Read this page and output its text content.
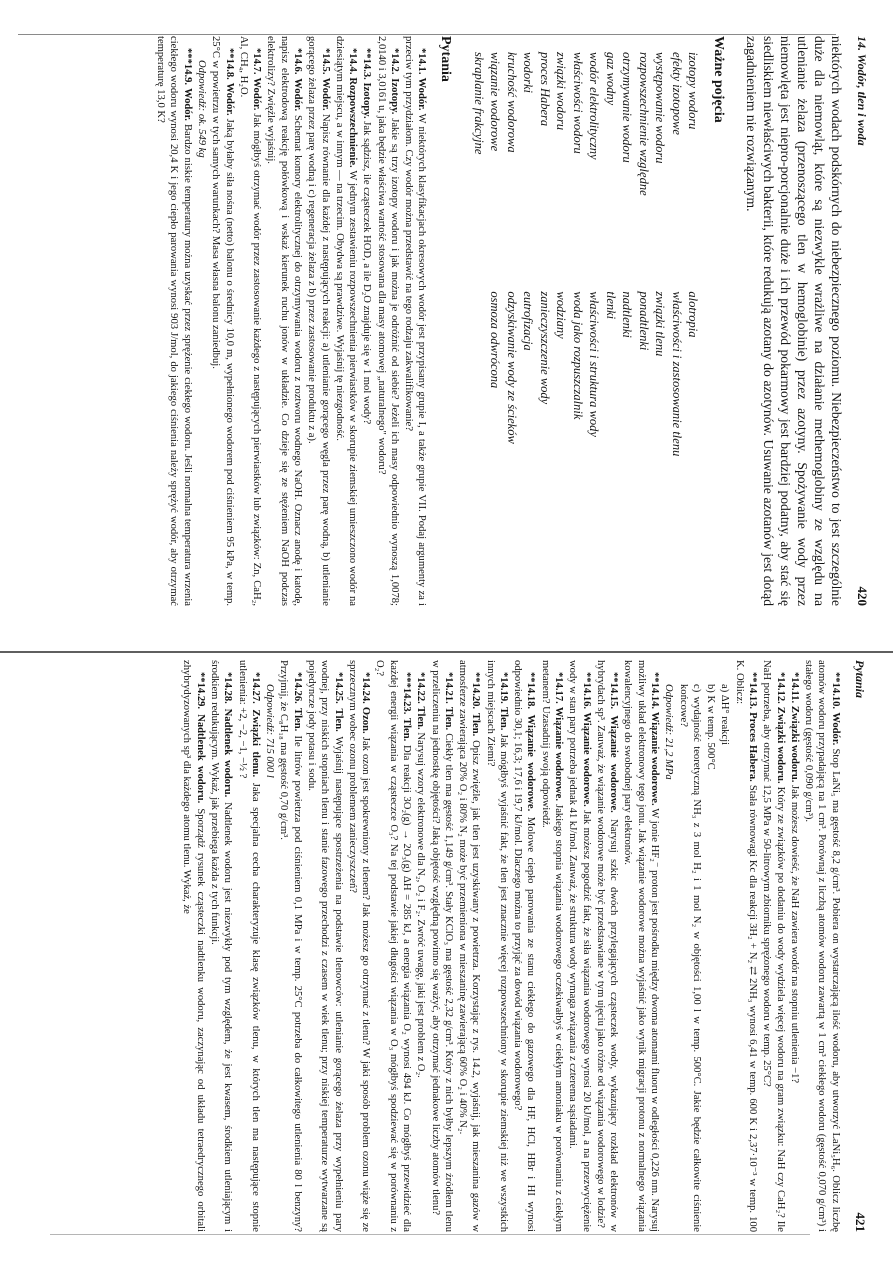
14. Wodór, tlen i woda
420

niektórych wodach podskórnych do niebezpiecznego poziomu. Niebezpieczeństwo to jest szczególnie duże dla niemowląt, które są niezwykle wrażliwe na działanie methemoglobiny ze względu na utlenianie żelaza (przenoszącego tlen w hemoglobinie) przez azotyny. Spożywanie wody przez niemowlęta jest niepro-porcjonalnie duże i ich przewód pokarmowy jest bardziej podatny, aby stać się siedliskiem niewłaściwych bakterii, które redukują azotany do azotynów. Usuwanie azotanów jest dotąd zagadnieniem nie rozwiązanym.

Ważne pojęcia
izotopy wodoru
efekty izotopowe
występowanie wodoru
rozpowszechnienie względne
otrzymywanie wodoru
gaz wodny
wodór elektrolityczny
właściwości wodoru
związki wodoru
proces Habera
wodorki
kruchość wodorowa
wiązanie wodorowe
skraplanie frakcyjne
alotropia
właściwości i zastosowanie tlenu
związki tlenu
ponadtlenki
nadtlenki
tlenki
właściwości i struktura wody
woda jako rozpuszczalnik
wodziany
zanieczyszczenie wody
eutrofizacja
odzyskiwanie wody ze ścieków
osmoza odwrócona
Pytania

*14.1. Wodór. W niektórych klasyfikacjach okresowych wodór jest przypisany grupie I, a także grupie VII. Podaj argumenty za i przeciw tym przydziałom. Czy wodór można przedstawić na tego rodzaju zakwalifikowanie?

*14.2. Izotopy. Jakie są trzy izotopy wodoru i jak można je odróżnić od siebie? Jeżeli ich masy odpowiednio wynoszą 1,0078; 2,0140 i 3,0161 u, jaka będzie właściwa wartość stosowana dla masy atomowej „naturalnego" wodoru?

**14.3. Izotopy. Jak sądzisz, ile cząsteczek HOD, a ile D₂O znajduje się w 1 mol wody?

*14.4. Rozpowszechnienie. W jednym zestawieniu rozpowszechnienia pierwiastków w skorupie ziemskiej umieszczono wodór na dziesiątym miejscu, a w innym — na trzecim. Obydwa są prawdziwe. Wyjaśnij tę niezgodność.

*14.5. Wodór. Napisz równanie dla każdej z następujących reakcji: a) utlenianie gorącego węgla przez parę wodną, b) utlenianie gorącego żelaza przez parę wodną i c) regeneracja żelaza z b) przez zastosowanie produktu z a).

*14.6. Wodór. Schemat komory elektrolitycznej do otrzymywania wodoru z roztworu wodnego NaOH. Oznacz anodę i katodę, napisz elektrodową reakcję połówkową i wskaż kierunek ruchu jonów w układzie. Co dzieje się ze stężeniem NaOH podczas elektrolizy? Zwięźle wyjaśnij.

*14.7. Wodór. Jak mógłbyś otrzymać wodór przez zastosowanie każdego z następujących pierwiastków lub związków: Zn, CaH₂, Al, CH₄, H₂O.

**14.8. Wodór. Jaką byłaby siła nośna (netto) balonu o średnicy 10,0 m, wypełnionego wodorem pod ciśnieniem 95 kPa, w temp. 25°C w powietrzu w tych samych warunkach? Masa własna balonu zaniedbuj.

Odpowiedź: ok. 549 kg

***14.9. Wodór. Bardzo niskie temperatury można uzyskać przez sprężenie ciekłego wodoru. Jeśli normalna temperatura wrzenia ciekłego wodoru wynosi 20,4 K i jego ciepło parowania wynosi 903 J/mol, do jakiego ciśnienia należy sprężyć wodór, aby otrzymać temperaturę 13,0 K?

Pytania
421

**14.10. Wodór. Stop LaNi₅ ma gęstość 8,2 g/cm³. Pobiera on wystarczającą ilość wodoru, aby utworzyć LaNi₅H₆. Oblicz liczbę atomów wodoru przypadającą na 1 cm³. Porównaj z liczbą atomów wodoru zawartą w 1 cm³ ciekłego wodoru (gęstość 0,070 g/cm³) i stałego wodoru (gęstość 0,090 g/cm³).

*14.11. Związki wodoru. Jak możesz dowieść, że NaH zawiera wodór na stopniu utlenienia −1?

*14.12. Związki wodoru. Który ze związków po dodaniu do wody wydziela więcej wodoru na gram związku: NaH czy CaH₂? Ile NaH potrzeba, aby otrzymać 12,5 MPa w 50-litrowym zbiorniku sprężonego wodoru w temp. 25°C?

**14.13. Proces Habera. Stała równowagi Kc dla reakcji 3H₂ + N₂ ⇄ 2NH₃ wynosi 6,41 w temp. 600 K i 2,37·10⁻³ w temp. 100 K. Oblicz:

a) ΔH° reakcji

b) K w temp. 500°C

c) wydajność teoretyczną NH₃ z 3 mol H₂ i 1 mol N₂ w objętości 1,00 l w temp. 500°C. Jakie będzie całkowite ciśnienie końcowe?

Odpowiedź: 21,2 MPa

**14.14. Wiązanie wodorowe. W jonie HF₂⁻ proton jest pośrodku między dwoma atomami fluoru w odległości 0,226 nm. Narysuj możliwy układ elektronowy tego jonu. Jak wiązanie wodorowe można wyjaśnić jako wynik migracji protonu z normalnego wiązania kowalencyjnego do swobodnej pary elektronów.

**14.15. Wiązanie wodorowe. Narysuj szkic dwóch przylegających cząsteczek wody, wykazujący rozkład elektronów w hybrydach sp³. Zauważ, że wiązanie wodorowe może być przedstawiane w tym ujęciu jako różne od wiązania wodorowego w lodzie?

**14.16. Wiązanie wodorowe. Jak możesz pogodzić fakt, że siła wiązania wodorowego wynosi 20 kJ/mol, a na przezwyciężenie wody w stan pary potrzeba jednak 41 kJ/mol. Zauważ, że struktura wody wymaga związania z czterema sąsiadami.

*14.17. Wiązanie wodorowe. Jakiego stopnia wiązania wodorowego oczekiwałbyś w ciekłym amoniaku w porównaniu z ciekłym metanem? Uzasadnij swoją odpowiedź.

**14.18. Wiązanie wodorowe. Molowe ciepło parowania ze stanu ciekłego do gazowego dla HF, HCl, HBr i HI wynosi odpowiednio 30,1; 16,3; 17,6 i 19,7 kJ/mol. Dlaczego można to przyjąć za dowód wiązania wodorowego?

*14.19. Tlen. Jak mógłbyś wyjaśnić fakt, że tlen jest znacznie więcej rozpowszechniony w skorupie ziemskiej niż we wszystkich innych miejscach Ziemi?

**14.20. Tlen. Opisz zwięźle, jak tlen jest uzyskiwany z powietrza. Korzystając z rys. 14.2, wyjaśnij, jak mieszanina gazów w atmosferze zawierająca 20% O₂ i 80% N₂ może być przemieniona w mieszaninę zawierającą 60% O₂ i 40% N₂.

*14.21. Tlen. Ciekły tlen ma gęstość 1,149 g/cm³. Stały KClO₃ ma gęstość 2,32 g/cm³. Który z nich byłby lepszym źródłem tlenu w przeliczeniu na jednostkę objętości? Jaką objętość względną powinno się ważyć, aby otrzymać jednakowe liczby atomów tlenu?

*14.22. Tlen. Narysuj wzory elektronowe dla N₂, O₂ i F₂. Zwróć uwagę, jaki jest problem z O₂.

***14.23. Tlen. Dla reakcji 3O₂(g) → 2O₃(g) ΔH = 285 kJ, a energia wiązania O₂ wynosi 494 kJ. Co mógłbyś przewidzieć dla każdej energii wiązania w cząsteczce O₃? Na tej podstawie jakiej długości wiązania w O₃ mógłbyś spodziewać się w porównaniu z O₂?

*14.24. Ozon. Jak ozon jest spokrewniony z tlenem? Jak możesz go otrzymać z tlenu? W jaki sposób problem ozonu wiąże się ze sprzecznym wobec ozonu problemem zanieczyszczeń?

*14.25. Tlen. Wyjaśnij następujące spostrzeżenia na podstawie tlenowców: utlenianie gorącego żelaza przy wypełnieniu pary wodnej, przy niskich stopniach tlenu i stanie fazowego przechodzi z czasem w wiek tlenu; przy niskiej temperaturze wytwarzane są pojedyncze jody potasu i sodu.

*14.26. Tlen. Ile litrów powietrza pod ciśnieniem 0,1 MPa i w temp. 25°C potrzeba do całkowitego utlenienia 80 l benzyny? Przyjmij, że C₈H₁₈ ma gęstość 0,70 g/cm³.

Odpowiedź: 715 000 l

*14.27. Związki tlenu. Jaka specjalna cecha charakteryzuje klasę związków tlenu, w których tlen ma następujące stopnie utlenienia: +2, −2, −1, −½ ?

*14.28. Nadtlenek wodoru. Nadtlenek wodoru jest niezwykły pod tym względem, że jest kwasem, środkiem utleniającym i środkiem redukującym. Wykaż, jak przebiega każda z tych funkcji.

**14.29. Nadtlenek wodoru. Sporządź rysunek cząsteczki nadtlenku wodoru, zaczynając od układu tetraedrycznego orbitali zhybrydyzowanych sp³ dla każdego atomu tlenu. Wykaż, że
